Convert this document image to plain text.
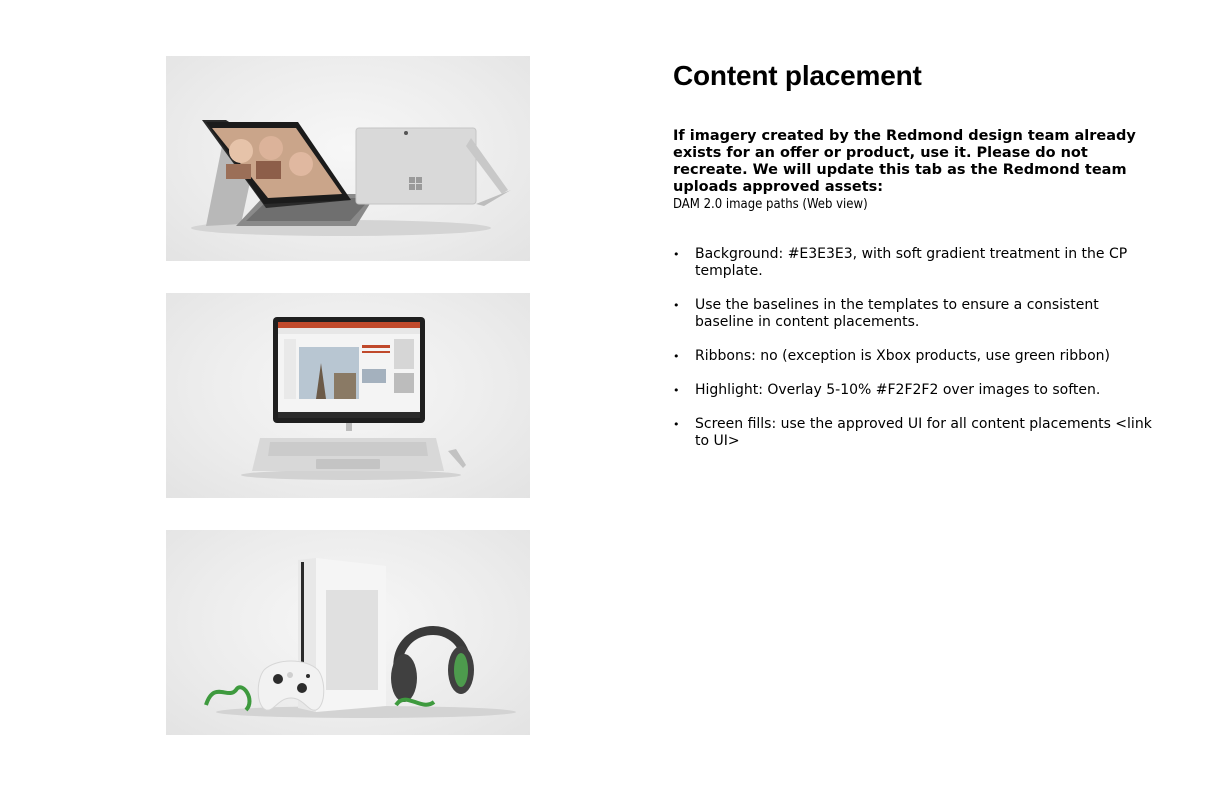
Content placement

If imagery created by the Redmond design team already exists for an offer or product, use it. Please do not recreate. We will update this tab as the Redmond team uploads approved assets:

DAM 2.0 image paths (Web view)

• Background: #E3E3E3, with soft gradient treatment in the CP template.
• Use the baselines in the templates to ensure a consistent baseline in content placements.
• Ribbons: no (exception is Xbox products, use green ribbon)
• Highlight: Overlay 5-10% #F2F2F2 over images to soften.
• Screen fills: use the approved UI for all content placements <link to UI>
